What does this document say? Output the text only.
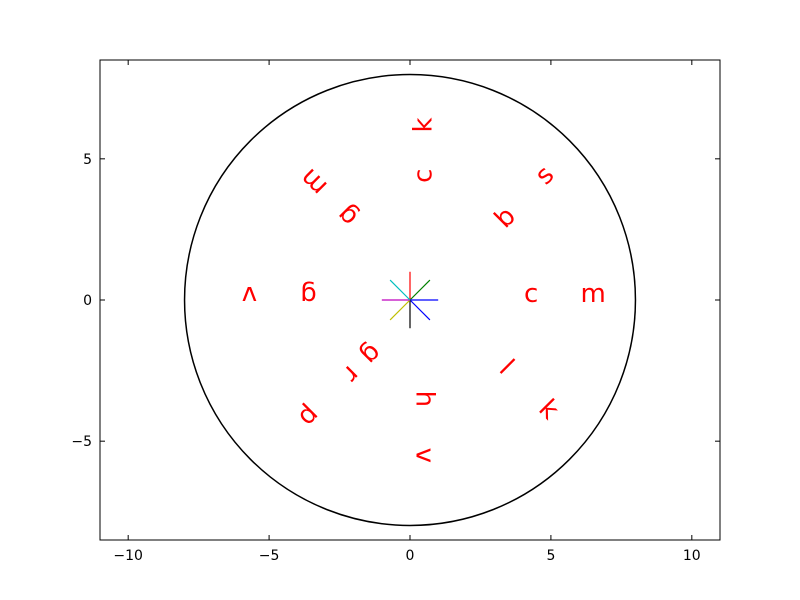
k
c
m
g
s
b
v g	c m
g
r	l
p
h	k
v
−10	−5	0	5	10
−5
0
5
